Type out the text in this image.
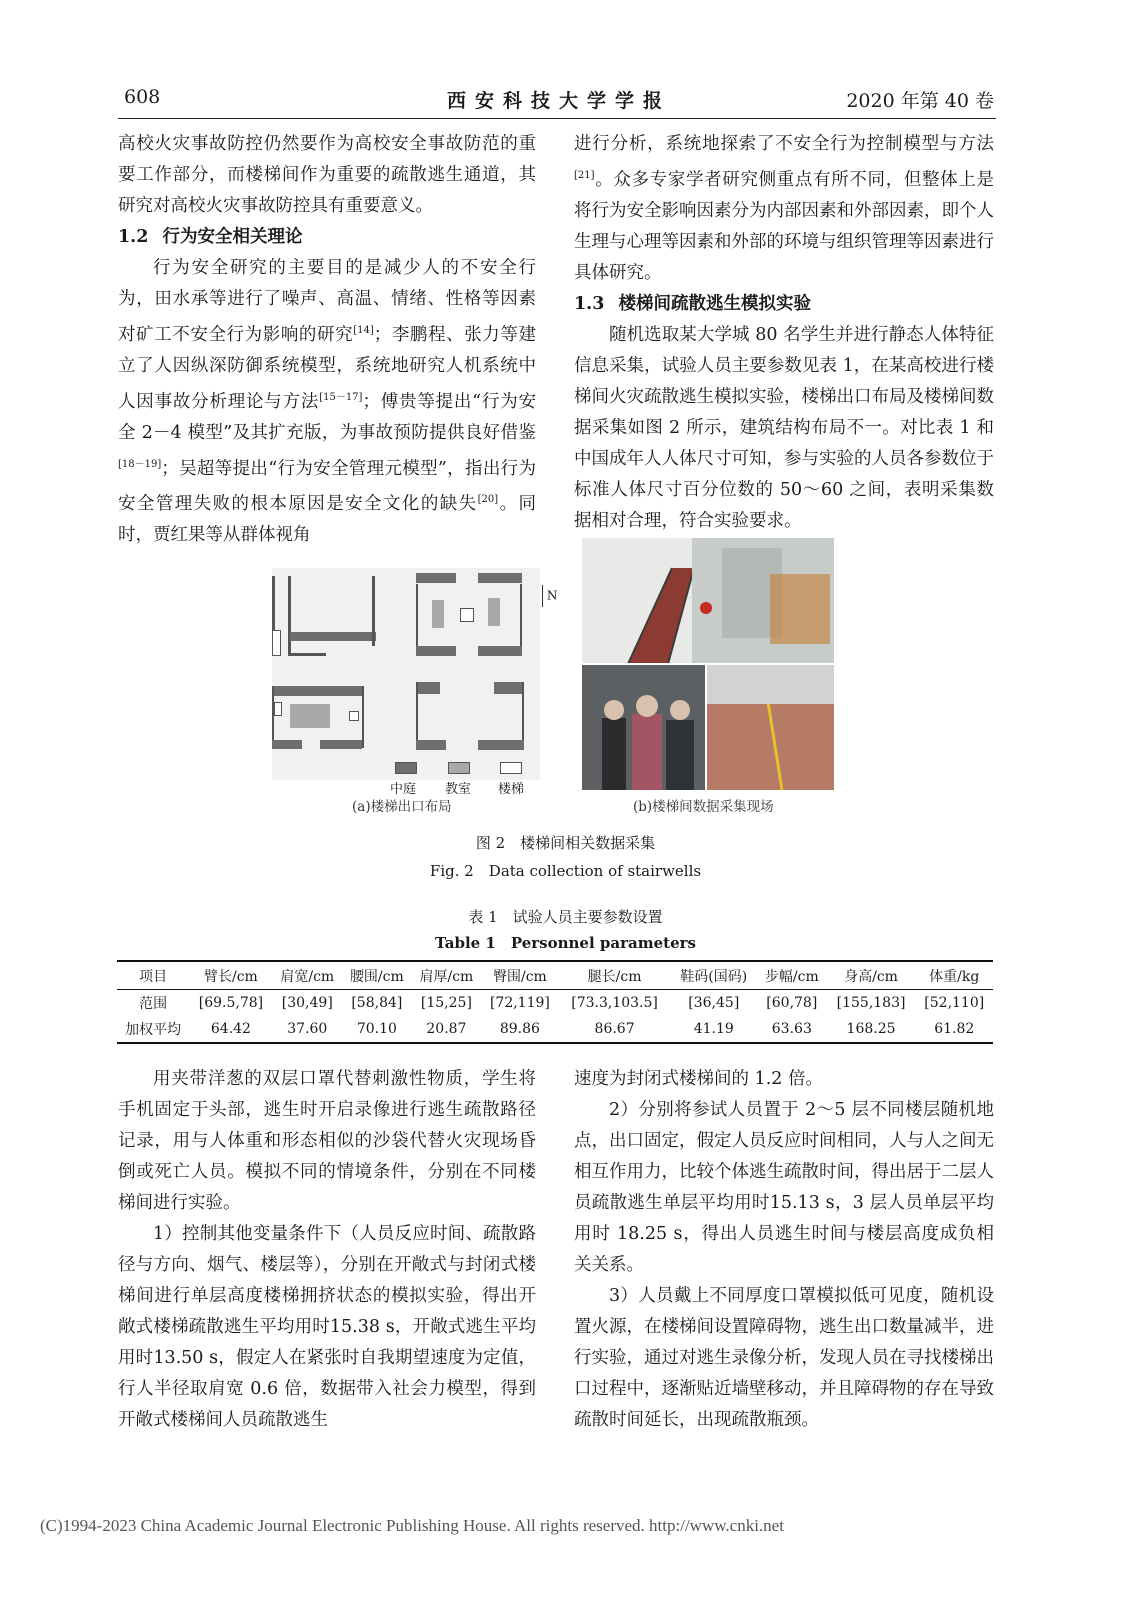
608	西安科技大学学报	2020 年第 40 卷

高校火灾事故防控仍然要作为高校安全事故防范的重要工作部分，而楼梯间作为重要的疏散逃生通道，其研究对高校火灾事故防控具有重要意义。

1.2 行为安全相关理论

行为安全研究的主要目的是减少人的不安全行为，田水承等进行了噪声、高温、情绪、性格等因素对矿工不安全行为影响的研究[14]；李鹏程、张力等建立了人因纵深防御系统模型，系统地研究人机系统中人因事故分析理论与方法[15－17]；傅贵等提出“行为安全 2－4 模型”及其扩充版，为事故预防提供良好借鉴[18－19]；吴超等提出“行为安全管理元模型”，指出行为安全管理失败的根本原因是安全文化的缺失[20]。同时，贾红果等从群体视角

进行分析，系统地探索了不安全行为控制模型与方法[21]。众多专家学者研究侧重点有所不同，但整体上是将行为安全影响因素分为内部因素和外部因素，即个人生理与心理等因素和外部的环境与组织管理等因素进行具体研究。

1.3 楼梯间疏散逃生模拟实验

随机选取某大学城 80 名学生并进行静态人体特征信息采集，试验人员主要参数见表 1，在某高校进行楼梯间火灾疏散逃生模拟实验，楼梯出口布局及楼梯间数据采集如图 2 所示，建筑结构布局不一。对比表 1 和中国成年人人体尺寸可知，参与实验的人员各参数位于标准人体尺寸百分位数的 50～60 之间，表明采集数据相对合理，符合实验要求。

N
中庭 教室 楼梯
(a)楼梯出口布局	(b)楼梯间数据采集现场
图 2　楼梯间相关数据采集
Fig. 2　Data collection of stairwells
表 1　试验人员主要参数设置
Table 1　Personnel parameters
项目	臂长/cm	肩宽/cm	腰围/cm	肩厚/cm	臀围/cm	腿长/cm	鞋码(国码)	步幅/cm	身高/cm	体重/kg
范围	[69.5,78]	[30,49]	[58,84]	[15,25]	[72,119]	[73.3,103.5]	[36,45]	[60,78]	[155,183]	[52,110]
加权平均	64.42	37.60	70.10	20.87	89.86	86.67	41.19	63.63	168.25	61.82

用夹带洋葱的双层口罩代替刺激性物质，学生将手机固定于头部，逃生时开启录像进行逃生疏散路径记录，用与人体重和形态相似的沙袋代替火灾现场昏倒或死亡人员。模拟不同的情境条件，分别在不同楼梯间进行实验。

1）控制其他变量条件下（人员反应时间、疏散路径与方向、烟气、楼层等），分别在开敞式与封闭式楼梯间进行单层高度楼梯拥挤状态的模拟实验，得出开敞式楼梯疏散逃生平均用时15.38 s，开敞式逃生平均用时13.50 s，假定人在紧张时自我期望速度为定值，行人半径取肩宽 0.6 倍，数据带入社会力模型，得到开敞式楼梯间人员疏散逃生

速度为封闭式楼梯间的 1.2 倍。

2）分别将参试人员置于 2～5 层不同楼层随机地点，出口固定，假定人员反应时间相同，人与人之间无相互作用力，比较个体逃生疏散时间，得出居于二层人员疏散逃生单层平均用时15.13 s，3 层人员单层平均用时 18.25 s，得出人员逃生时间与楼层高度成负相关关系。

3）人员戴上不同厚度口罩模拟低可见度，随机设置火源，在楼梯间设置障碍物，逃生出口数量减半，进行实验，通过对逃生录像分析，发现人员在寻找楼梯出口过程中，逐渐贴近墙壁移动，并且障碍物的存在导致疏散时间延长，出现疏散瓶颈。

(C)1994-2023 China Academic Journal Electronic Publishing House. All rights reserved. http://www.cnki.net
